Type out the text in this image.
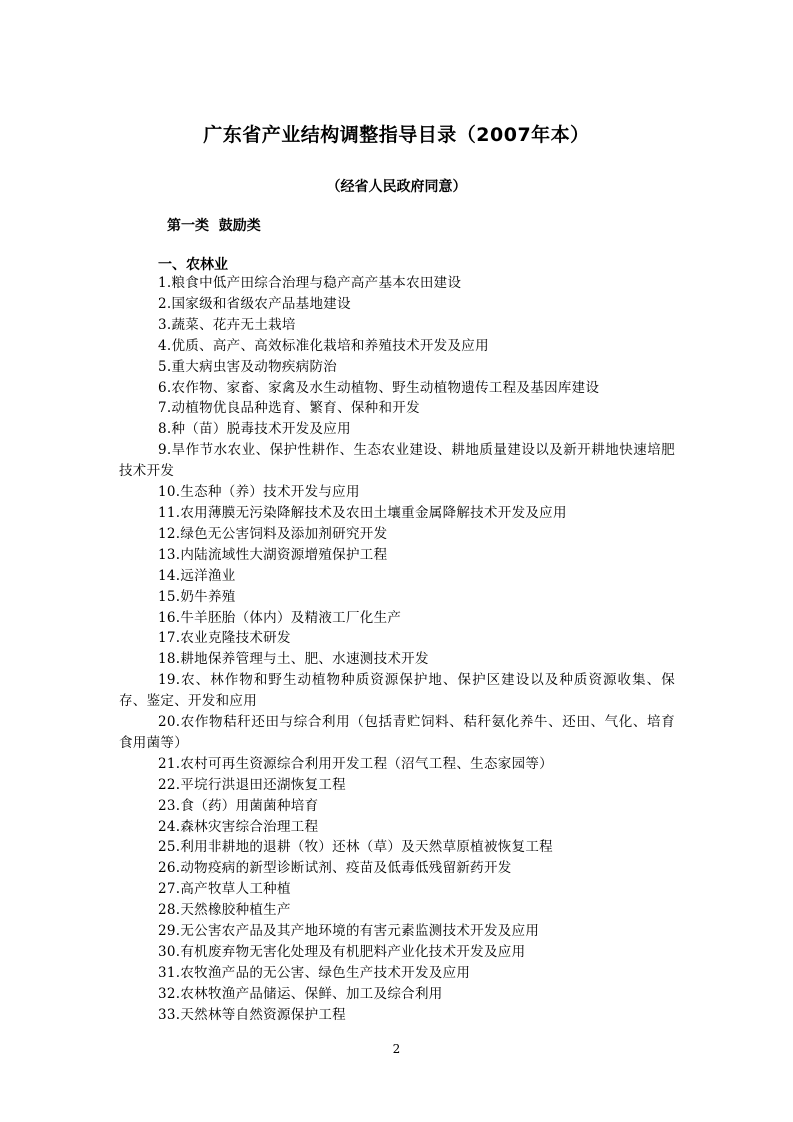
广东省产业结构调整指导目录（2007年本）
（经省人民政府同意）
第一类  鼓励类
一、农林业
1.粮食中低产田综合治理与稳产高产基本农田建设
2.国家级和省级农产品基地建设
3.蔬菜、花卉无土栽培
4.优质、高产、高效标准化栽培和养殖技术开发及应用
5.重大病虫害及动物疾病防治
6.农作物、家畜、家禽及水生动植物、野生动植物遗传工程及基因库建设
7.动植物优良品种选育、繁育、保种和开发
8.种（苗）脱毒技术开发及应用
9.旱作节水农业、保护性耕作、生态农业建设、耕地质量建设以及新开耕地快速培肥技术开发
10.生态种（养）技术开发与应用
11.农用薄膜无污染降解技术及农田土壤重金属降解技术开发及应用
12.绿色无公害饲料及添加剂研究开发
13.内陆流域性大湖资源增殖保护工程
14.远洋渔业
15.奶牛养殖
16.牛羊胚胎（体内）及精液工厂化生产
17.农业克隆技术研发
18.耕地保养管理与土、肥、水速测技术开发
19.农、林作物和野生动植物种质资源保护地、保护区建设以及种质资源收集、保存、鉴定、开发和应用
20.农作物秸秆还田与综合利用（包括青贮饲料、秸秆氨化养牛、还田、气化、培育食用菌等）
21.农村可再生资源综合利用开发工程（沼气工程、生态家园等）
22.平垸行洪退田还湖恢复工程
23.食（药）用菌菌种培育
24.森林灾害综合治理工程
25.利用非耕地的退耕（牧）还林（草）及天然草原植被恢复工程
26.动物疫病的新型诊断试剂、疫苗及低毒低残留新药开发
27.高产牧草人工种植
28.天然橡胶种植生产
29.无公害农产品及其产地环境的有害元素监测技术开发及应用
30.有机废弃物无害化处理及有机肥料产业化技术开发及应用
31.农牧渔产品的无公害、绿色生产技术开发及应用
32.农林牧渔产品储运、保鲜、加工及综合利用
33.天然林等自然资源保护工程
2
